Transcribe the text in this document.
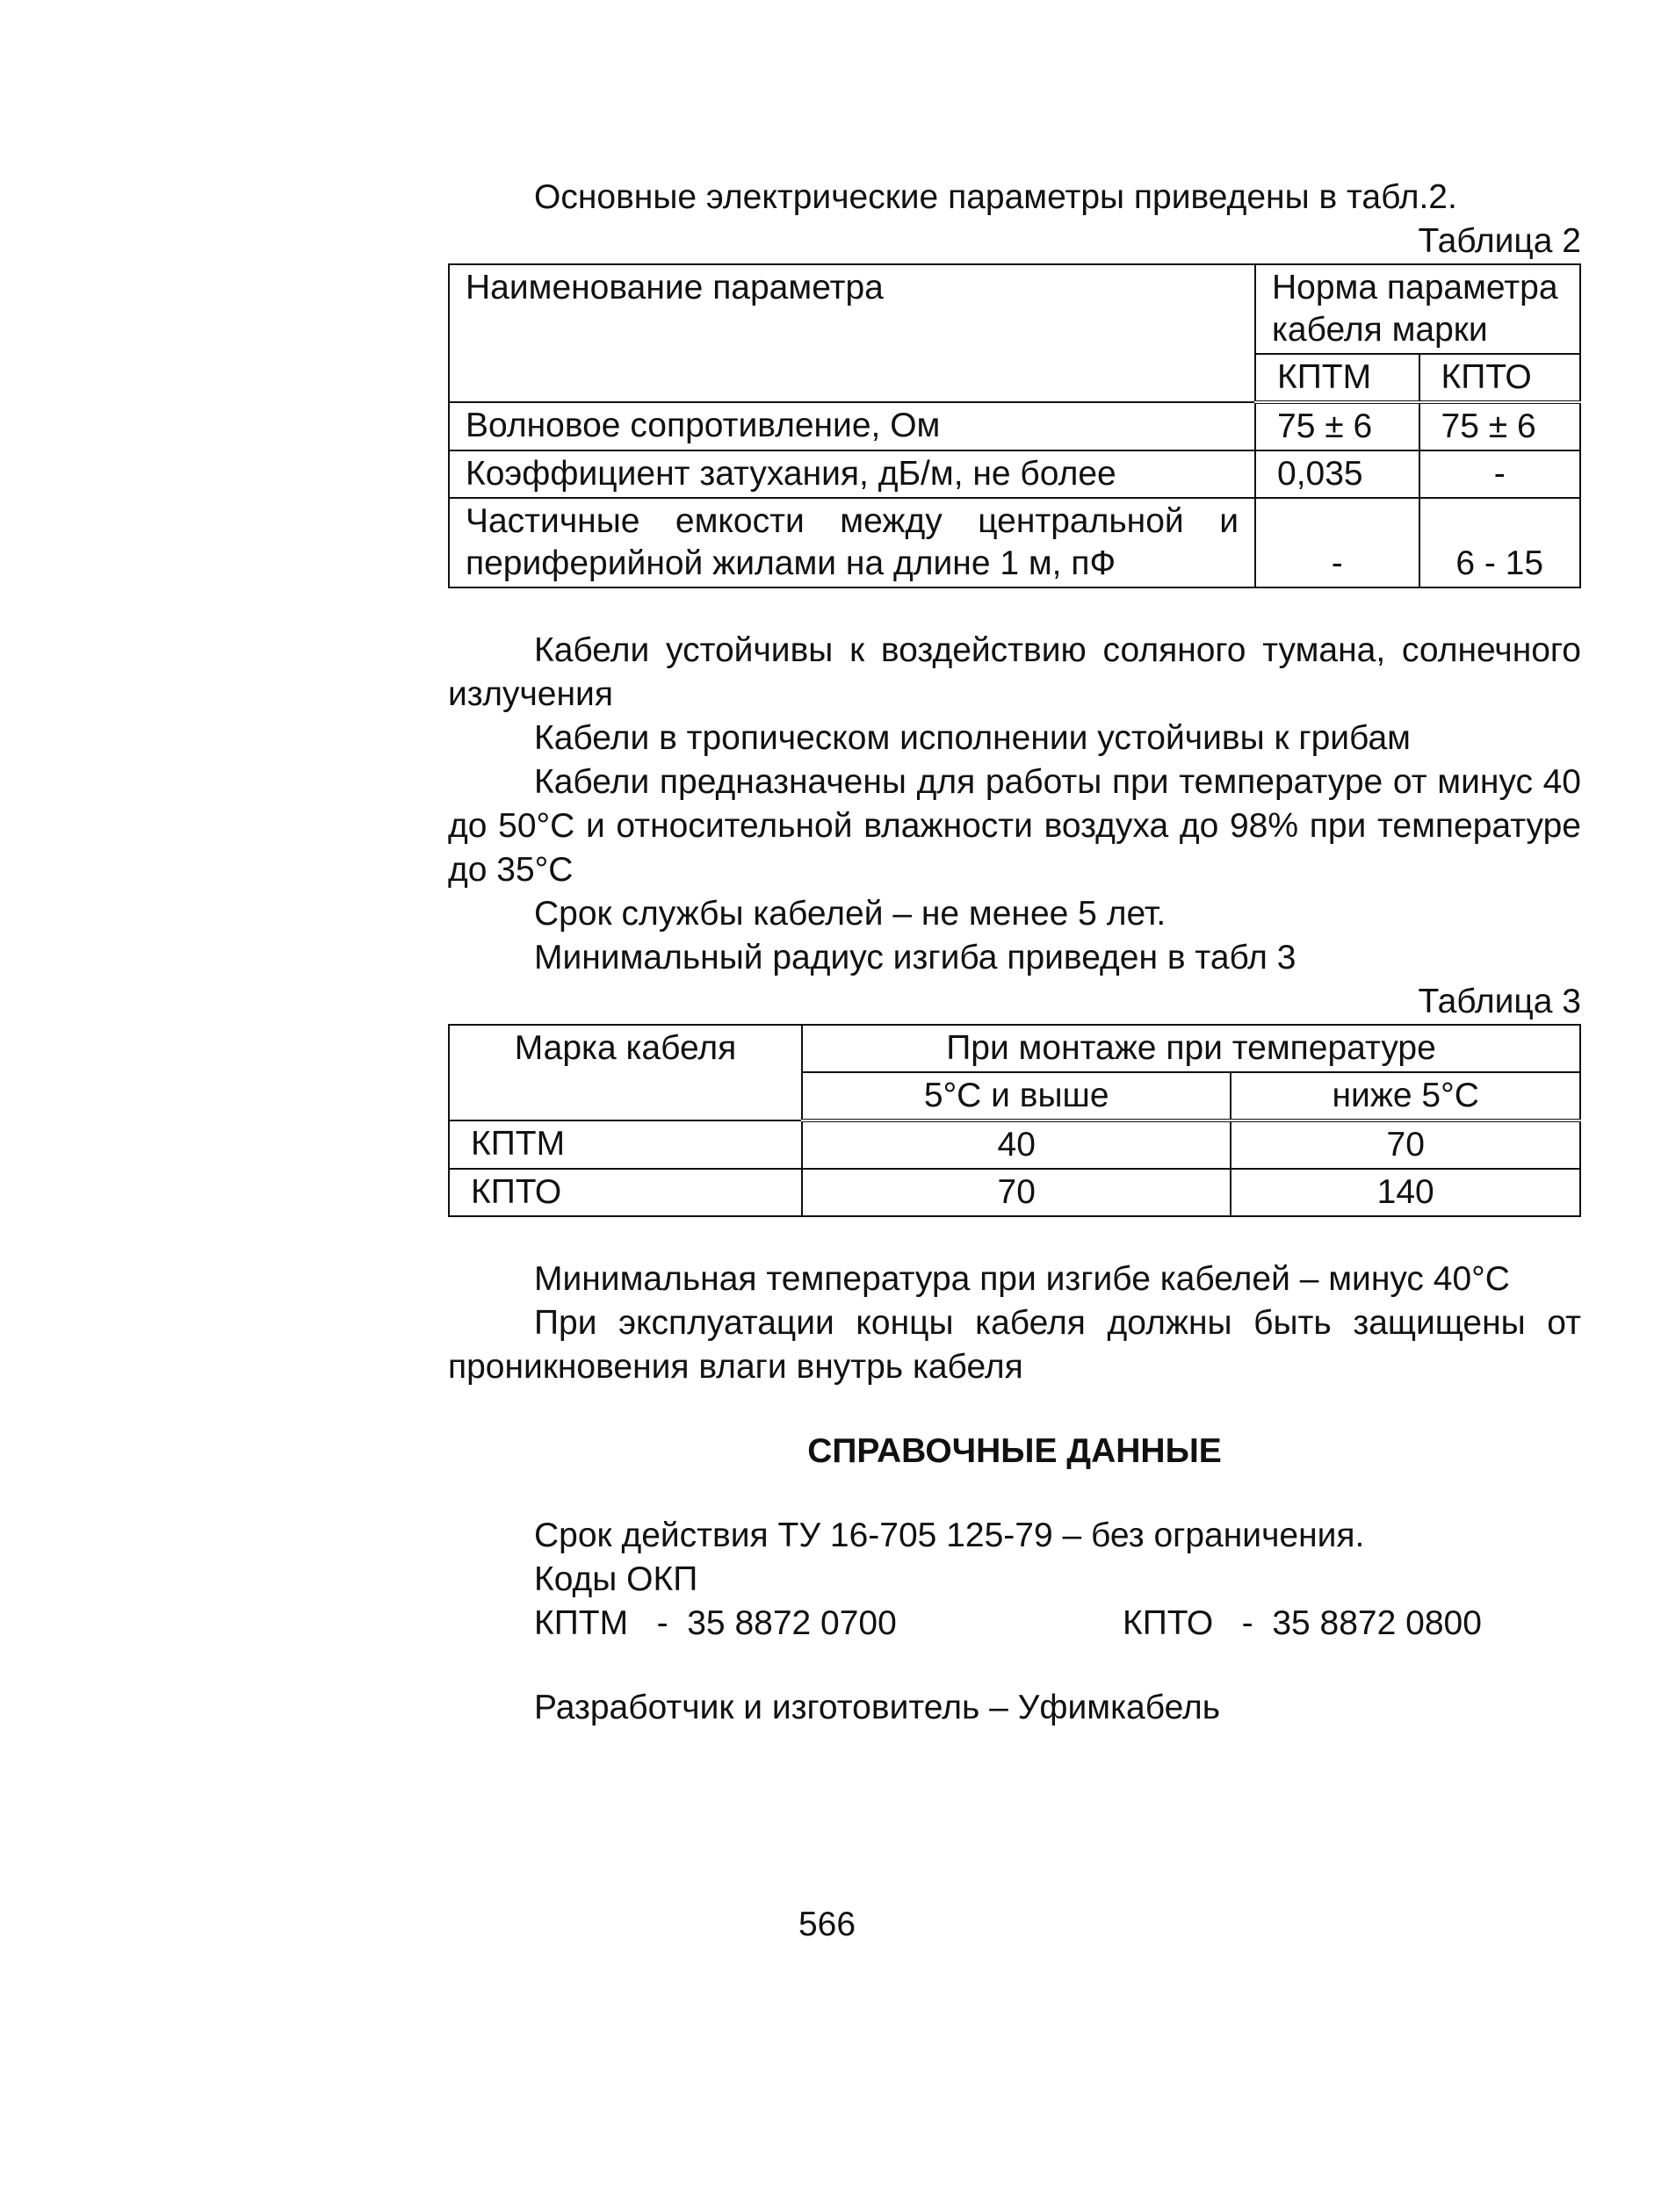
Основные электрические параметры приведены в табл.2.

Таблица 2

Наименование параметра	Норма параметра кабеля марки	
	КПТМ	КПТО
Волновое сопротивление, Ом	75 ± 6	75 ± 6
Коэффициент затухания, дБ/м, не более	0,035	-
Частичные емкости между центральной и периферийной жилами на длине 1 м, пФ	-	6 - 15

Кабели устойчивы к воздействию соляного тумана, солнечного излучения

Кабели в тропическом исполнении устойчивы к грибам

Кабели предназначены для работы при температуре от минус 40 до 50°С и относительной влажности воздуха до 98% при температуре до 35°С

Срок службы кабелей – не менее 5 лет.

Минимальный радиус изгиба приведен в табл 3

Таблица 3

Марка кабеля	При монтаже при температуре	
	5°С и выше	ниже 5°С
КПТМ	40	70
КПТО	70	140

Минимальная температура при изгибе кабелей – минус 40°С

При эксплуатации концы кабеля должны быть защищены от проникновения влаги внутрь кабеля

СПРАВОЧНЫЕ ДАННЫЕ

Срок действия ТУ 16-705 125-79 – без ограничения.

Коды ОКП

КПТМ   -  35 8872 0700	КПТО   -  35 8872 0800

Разработчик и изготовитель – Уфимкабель

566
